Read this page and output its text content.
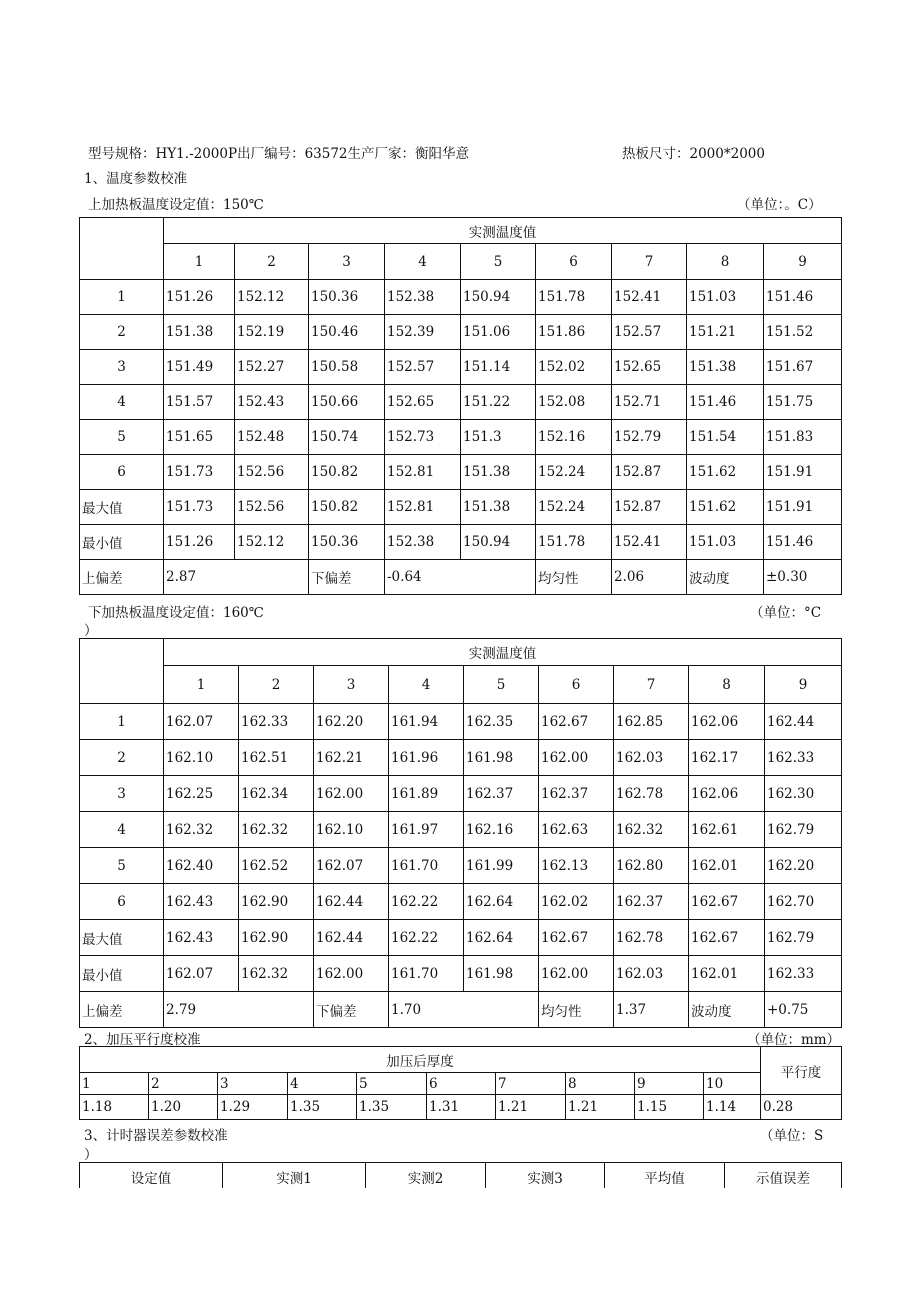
型号规格：HY1.-2000P出厂编号：63572生产厂家：衡阳华意	热板尺寸：2000*2000
1、温度参数校准
上加热板温度设定值：150℃	（单位：。C）
	实测温度值								
	1	2	3	4	5	6	7	8	9
1	151.26	152.12	150.36	152.38	150.94	151.78	152.41	151.03	151.46
2	151.38	152.19	150.46	152.39	151.06	151.86	152.57	151.21	151.52
3	151.49	152.27	150.58	152.57	151.14	152.02	152.65	151.38	151.67
4	151.57	152.43	150.66	152.65	151.22	152.08	152.71	151.46	151.75
5	151.65	152.48	150.74	152.73	151.3	152.16	152.79	151.54	151.83
6	151.73	152.56	150.82	152.81	151.38	152.24	152.87	151.62	151.91
最大值	151.73	152.56	150.82	152.81	151.38	152.24	152.87	151.62	151.91
最小值	151.26	152.12	150.36	152.38	150.94	151.78	152.41	151.03	151.46
上偏差	2.87		下偏差	-0.64		均匀性	2.06	波动度	±0.30
下加热板温度设定值：160℃	（单位：°C
）
	实测温度值								
	1	2	3	4	5	6	7	8	9
1	162.07	162.33	162.20	161.94	162.35	162.67	162.85	162.06	162.44
2	162.10	162.51	162.21	161.96	161.98	162.00	162.03	162.17	162.33
3	162.25	162.34	162.00	161.89	162.37	162.37	162.78	162.06	162.30
4	162.32	162.32	162.10	161.97	162.16	162.63	162.32	162.61	162.79
5	162.40	162.52	162.07	161.70	161.99	162.13	162.80	162.01	162.20
6	162.43	162.90	162.44	162.22	162.64	162.02	162.37	162.67	162.70
最大值	162.43	162.90	162.44	162.22	162.64	162.67	162.78	162.67	162.79
最小值	162.07	162.32	162.00	161.70	161.98	162.00	162.03	162.01	162.33
上偏差	2.79		下偏差	1.70		均匀性	1.37	波动度	+0.75
2、加压平行度校准	（单位：mm）
加压后厚度										平行度
1	2	3	4	5	6	7	8	9	10	
1.18	1.20	1.29	1.35	1.35	1.31	1.21	1.21	1.15	1.14	0.28
3、计时器误差参数校准	（单位：S
）
设定值	实测1	实测2	实测3	平均值	示值误差
